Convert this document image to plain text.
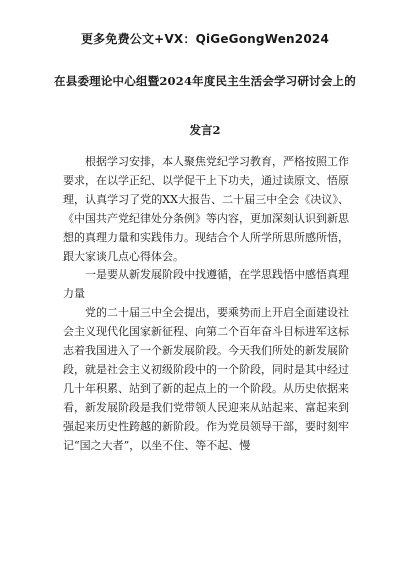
更多免费公文+VX：QiGeGongWen2024
在县委理论中心组暨2024年度民主生活会学习研讨会上的
发言2

根据学习安排，本人聚焦党纪学习教育，严格按照工作要求，在以学正纪、以学促干上下功夫，通过读原文、悟原理，认真学习了党的XX大报告、二十届三中全会《决议》、《中国共产党纪律处分条例》等内容，更加深刻认识到新思想的真理力量和实践伟力。现结合个人所学所思所感所悟，跟大家谈几点心得体会。

一是要从新发展阶段中找遵循，在学思践悟中感悟真理力量

党的二十届三中全会提出，要乘势而上开启全面建设社会主义现代化国家新征程、向第二个百年奋斗目标进军这标志着我国进入了一个新发展阶段。今天我们所处的新发展阶段，就是社会主义初级阶段中的一个阶段，同时是其中经过几十年积累、站到了新的起点上的一个阶段。从历史依据来看，新发展阶段是我们党带领人民迎来从站起来、富起来到强起来历史性跨越的新阶段。作为党员领导干部，要时刻牢记“国之大者”，以坐不住、等不起、慢
